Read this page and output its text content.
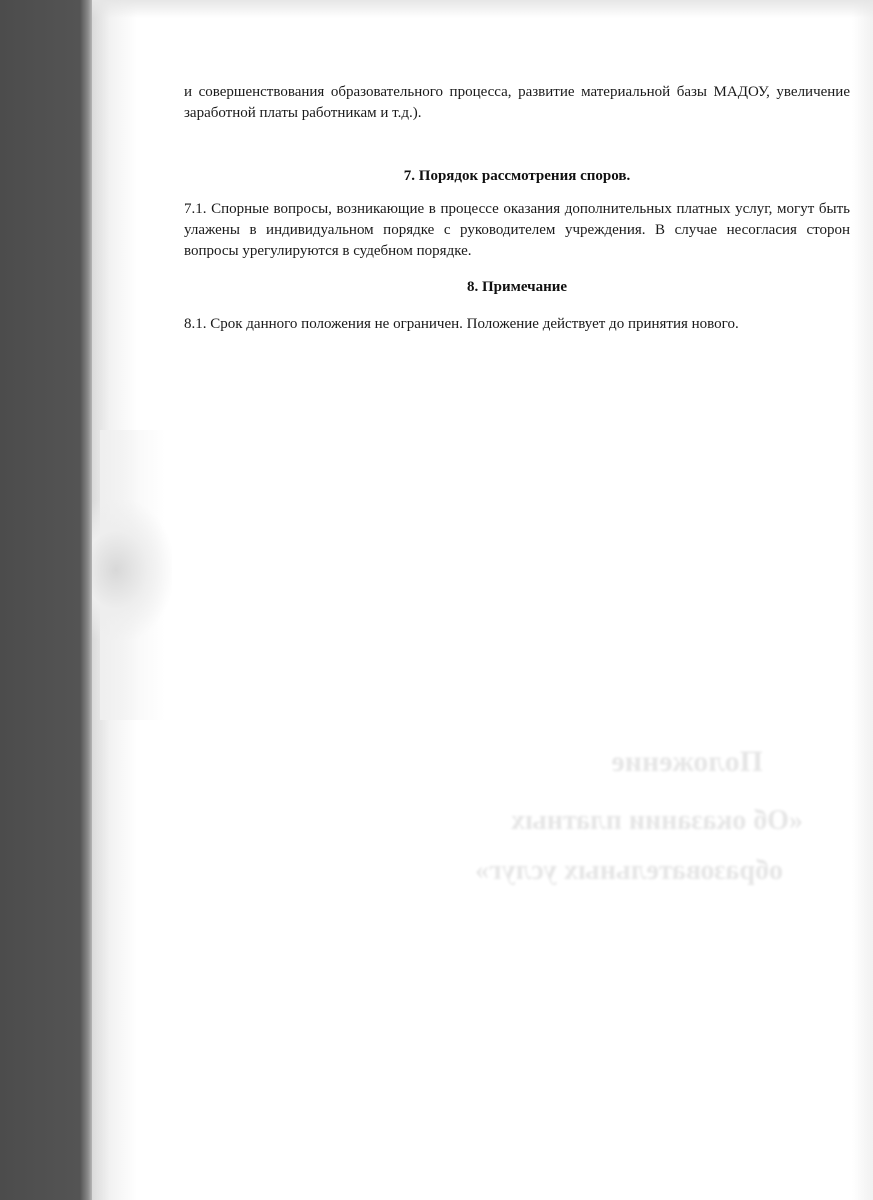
и совершенствования образовательного процесса, развитие материальной базы МАДОУ, увеличение заработной платы работникам и т.д.).

7. Порядок рассмотрения споров.

7.1. Спорные вопросы, возникающие в процессе оказания дополнительных платных услуг, могут быть улажены в индивидуальном порядке с руководителем учреждения. В случае несогласия сторон вопросы урегулируются в судебном порядке.

8. Примечание

8.1. Срок данного положения не ограничен. Положение действует до принятия нового.
